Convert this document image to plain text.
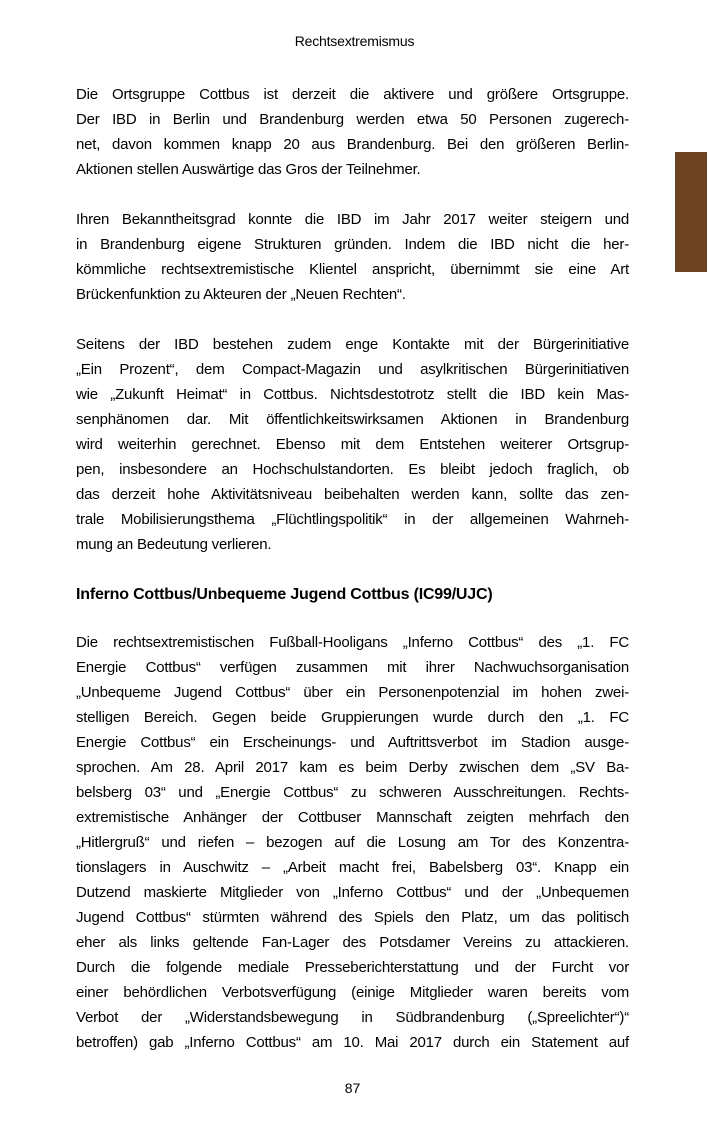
Rechtsextremismus
Die Ortsgruppe Cottbus ist derzeit die aktivere und größere Ortsgruppe.
Der IBD in Berlin und Brandenburg werden etwa 50 Personen zugerech-
net, davon kommen knapp 20 aus Brandenburg. Bei den größeren Berlin-
Aktionen stellen Auswärtige das Gros der Teilnehmer.
Ihren Bekanntheitsgrad konnte die IBD im Jahr 2017 weiter steigern und
in Brandenburg eigene Strukturen gründen. Indem die IBD nicht die her-
kömmliche rechtsextremistische Klientel anspricht, übernimmt sie eine Art
Brückenfunktion zu Akteuren der „Neuen Rechten“.
Seitens der IBD bestehen zudem enge Kontakte mit der Bürgerinitiative
„Ein Prozent“, dem Compact-Magazin und asylkritischen Bürgerinitiativen
wie „Zukunft Heimat“ in Cottbus. Nichtsdestotrotz stellt die IBD kein Mas-
senphänomen dar. Mit öffentlichkeitswirksamen Aktionen in Brandenburg
wird weiterhin gerechnet. Ebenso mit dem Entstehen weiterer Ortsgrup-
pen, insbesondere an Hochschulstandorten. Es bleibt jedoch fraglich, ob
das derzeit hohe Aktivitätsniveau beibehalten werden kann, sollte das zen-
trale Mobilisierungsthema „Flüchtlingspolitik“ in der allgemeinen Wahrneh-
mung an Bedeutung verlieren.
Inferno Cottbus/Unbequeme Jugend Cottbus (IC99/UJC)
Die rechtsextremistischen Fußball-Hooligans „Inferno Cottbus“ des „1. FC
Energie Cottbus“ verfügen zusammen mit ihrer Nachwuchsorganisation
„Unbequeme Jugend Cottbus“ über ein Personenpotenzial im hohen zwei-
stelligen Bereich. Gegen beide Gruppierungen wurde durch den „1. FC
Energie Cottbus“ ein Erscheinungs- und Auftrittsverbot im Stadion ausge-
sprochen. Am 28. April 2017 kam es beim Derby zwischen dem „SV Ba-
belsberg 03“ und „Energie Cottbus“ zu schweren Ausschreitungen. Rechts-
extremistische Anhänger der Cottbuser Mannschaft zeigten mehrfach den
„Hitlergruß“ und riefen – bezogen auf die Losung am Tor des Konzentra-
tionslagers in Auschwitz – „Arbeit macht frei, Babelsberg 03“. Knapp ein
Dutzend maskierte Mitglieder von „Inferno Cottbus“ und der „Unbequemen
Jugend Cottbus“ stürmten während des Spiels den Platz, um das politisch
eher als links geltende Fan-Lager des Potsdamer Vereins zu attackieren.
Durch die folgende mediale Presseberichterstattung und der Furcht vor
einer behördlichen Verbotsverfügung (einige Mitglieder waren bereits vom
Verbot der „Widerstandsbewegung in Südbrandenburg („Spreelichter“)“
betroffen) gab „Inferno Cottbus“ am 10. Mai 2017 durch ein Statement auf
87
